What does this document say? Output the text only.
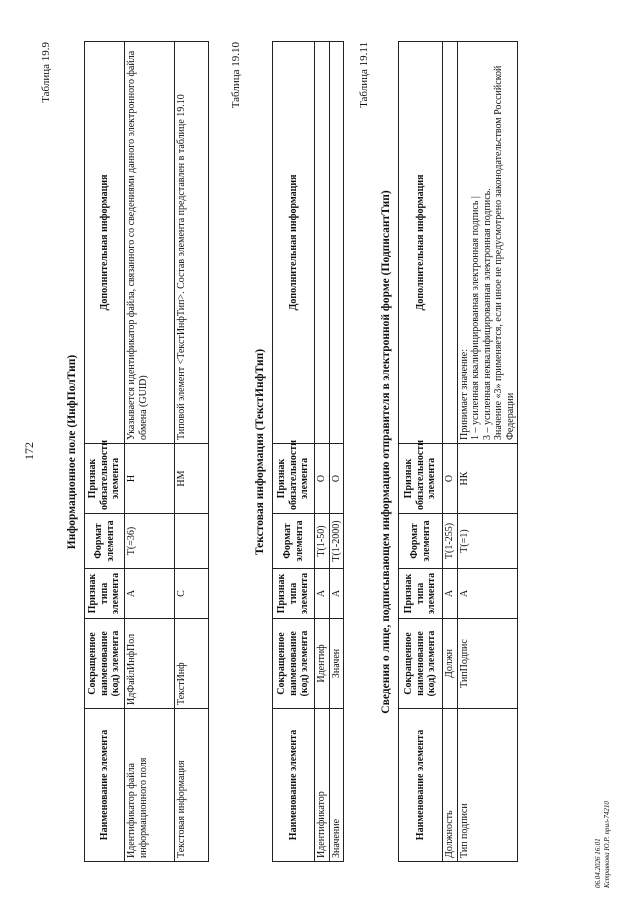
172
Таблица 19.9
Информационное поле (ИнфПолТип)
Наименование элемента	Сокращенное наименование (код) элемента	Признак типа элемента	Формат элемента	Признак обязательности элемента	Дополнительная информация
Идентификатор файла информационного поля	ИдФайлИнфПол	А	T(=36)	Н	Указывается идентификатор файла, связанного со сведениями данного электронного файла обмена (GUID)
Текстовая информация	ТекстИнф	С		НМ	Типовой элемент <ТекстИнфТип>. Состав элемента представлен в таблице 19.10
Таблица 19.10
Текстовая информация (ТекстИнфТип)
Наименование элемента	Сокращенное наименование (код) элемента	Признак типа элемента	Формат элемента	Признак обязательности элемента	Дополнительная информация
Идентификатор	Идентиф	А	T(1-50)	О	
Значение	Значен	А	T(1-2000)	О	
Таблица 19.11
Сведения о лице, подписывающем информацию отправителя в электронной форме (ПодписантТип)
Наименование элемента	Сокращенное наименование (код) элемента	Признак типа элемента	Формат элемента	Признак обязательности элемента	Дополнительная информация
Должность	Должн	А	T(1-255)	О	
Тип подписи	ТипПодпис	А	T(=1)	НК	Принимает значение: 1 – усиленная квалифицированная электронная подпись | 3 – усиленная неквалифицированная электронная подпись. Значение «3» применяется, если иное не предусмотрено законодательством Российской Федерации
06.04.2026 16:01 Кстравкова Ю.Р. прил-74210
